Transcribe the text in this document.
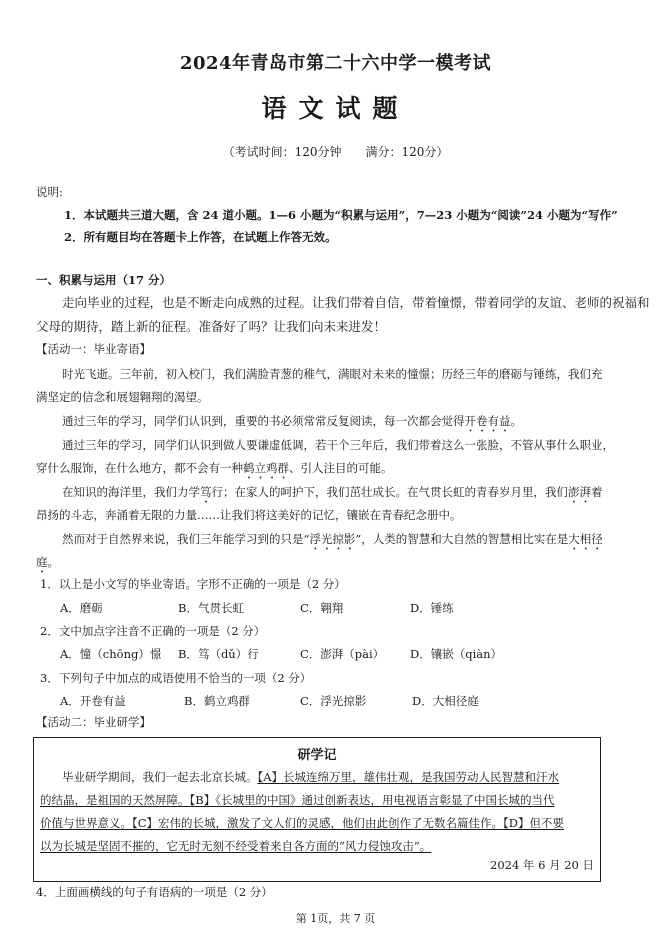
2024年青岛市第二十六中学一模考试
语文试题
（考试时间：120分钟　　满分：120分）
说明:
1．本试题共三道大题，含 24 道小题。1—6 小题为“积累与运用”，7—23 小题为“阅读”24 小题为“写作”
2．所有题目均在答题卡上作答，在试题上作答无效。
一、积累与运用（17 分）
走向毕业的过程，也是不断走向成熟的过程。让我们带着自信，带着憧憬，带着同学的友谊、老师的祝福和
父母的期待，踏上新的征程。准备好了吗？让我们向未来进发！
【活动一：毕业寄语】
时光飞逝。三年前，初入校门，我们满脸青葱的稚气，满眼对未来的憧憬；历经三年的磨砺与锤练，我们充
满坚定的信念和展翅翱翔的渴望。
通过三年的学习，同学们认识到，重要的书必须常常反复阅读，每一次都会觉得开卷有益。
通过三年的学习，同学们认识到做人要谦虚低调，若干个三年后，我们带着这么一张脸，不管从事什么职业，
穿什么服饰，在什么地方，都不会有一种鹤立鸡群、引人注目的可能。
在知识的海洋里，我们力学笃行；在家人的呵护下，我们茁壮成长。在气贯长虹的青春岁月里，我们澎湃着
昂扬的斗志，奔涌着无限的力量……让我们将这美好的记忆，镶嵌在青春纪念册中。
然而对于自然界来说，我们三年能学习到的只是“浮光掠影”，人类的智慧和大自然的智慧相比实在是大相径
庭。
1．以上是小文写的毕业寄语。字形不正确的一项是（2 分）
A．磨砺	B．气贯长虹	C．翱翔	D．锤练
2．文中加点字注音不正确的一项是（2 分）
A．憧（chōng）憬 B．笃（dǔ）行	C．澎湃（pài） D．镶嵌（qiàn）
3．下列句子中加点的成语使用不恰当的一项（2 分）
A．开卷有益	B．鹤立鸡群	C．浮光掠影	D．大相径庭
【活动二：毕业研学】
研学记
毕业研学期间，我们一起去北京长城。【A】长城连绵万里，雄伟壮观，是我国劳动人民智慧和汗水
的结晶，是祖国的天然屏障。【B】《长城里的中国》通过创新表达，用电视语言彰显了中国长城的当代
价值与世界意义。【C】宏伟的长城，激发了文人们的灵感，他们由此创作了无数名篇佳作。【D】但不要
以为长城是坚固不摧的，它无时无刻不经受着来自各方面的“风力侵蚀攻击”。
2024 年 6 月 20 日
4．上面画横线的句子有语病的一项是（2 分）
第 1页，共 7 页
